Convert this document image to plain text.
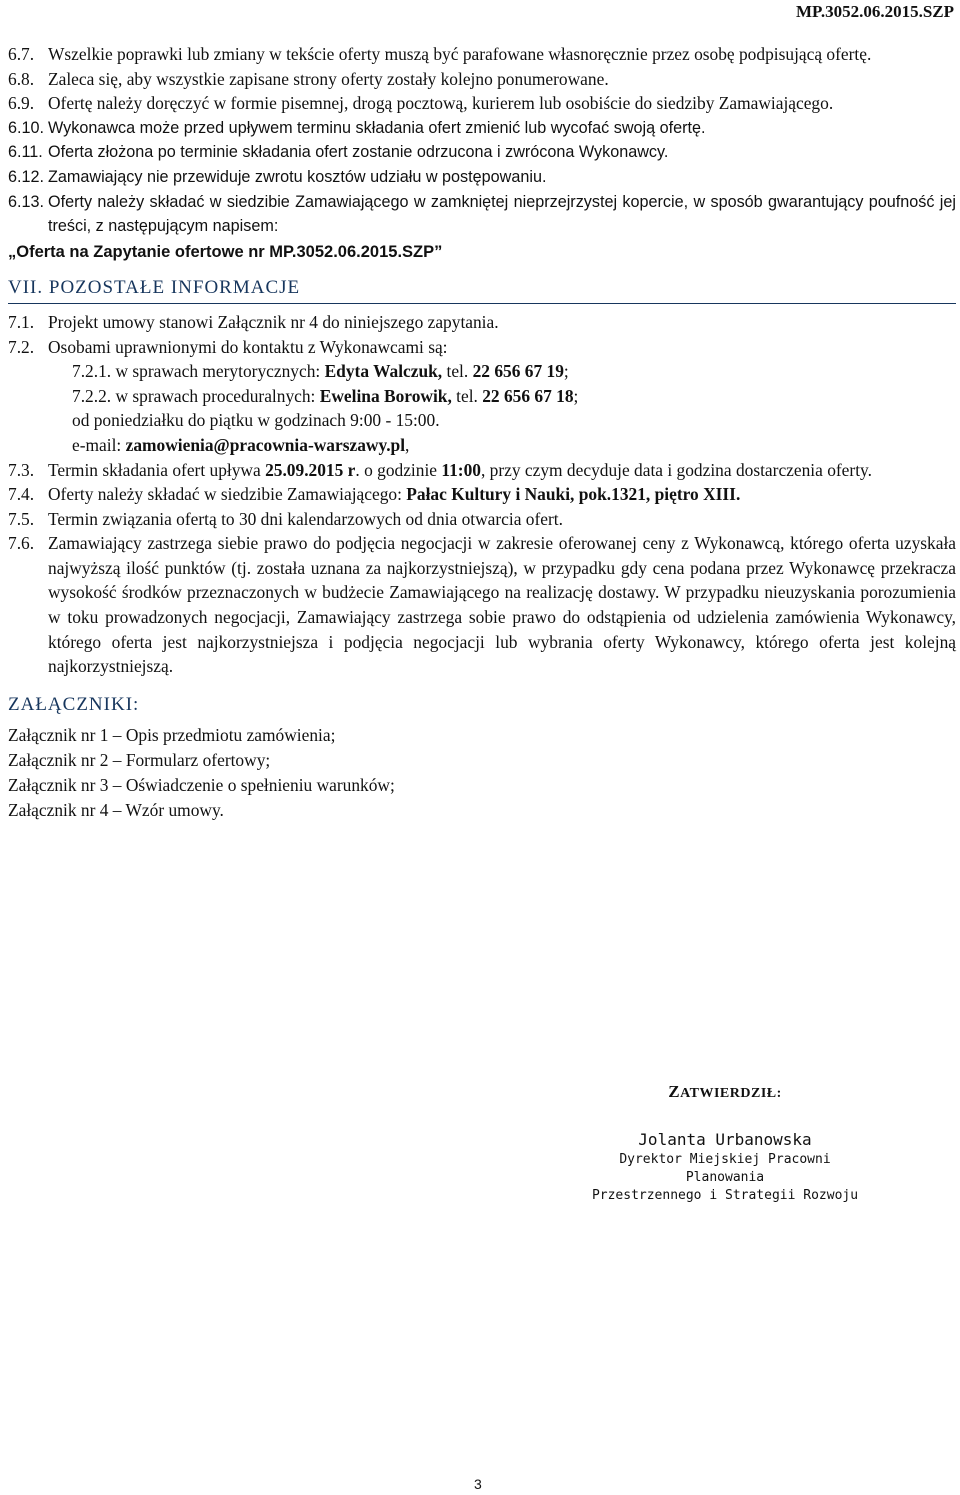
MP.3052.06.2015.SZP
6.7. Wszelkie poprawki lub zmiany w tekście oferty muszą być parafowane własnoręcznie przez osobę podpisującą ofertę.
6.8. Zaleca się, aby wszystkie zapisane strony oferty zostały kolejno ponumerowane.
6.9. Ofertę należy doręczyć w formie pisemnej, drogą pocztową, kurierem lub osobiście do siedziby Zamawiającego.
6.10. Wykonawca może przed upływem terminu składania ofert zmienić lub wycofać swoją ofertę.
6.11. Oferta złożona po terminie składania ofert zostanie odrzucona i zwrócona Wykonawcy.
6.12. Zamawiający nie przewiduje zwrotu kosztów udziału w postępowaniu.
6.13. Oferty należy składać w siedzibie Zamawiającego w zamkniętej nieprzejrzystej kopercie, w sposób gwarantujący poufność jej treści, z następującym napisem:
„Oferta na Zapytanie ofertowe nr MP.3052.06.2015.SZP”
VII. POZOSTAŁE INFORMACJE
7.1. Projekt umowy stanowi Załącznik nr 4 do niniejszego zapytania.
7.2. Osobami uprawnionymi do kontaktu z Wykonawcami są:
7.2.1. w sprawach merytorycznych: Edyta Walczuk, tel. 22 656 67 19;
7.2.2. w sprawach proceduralnych: Ewelina Borowik, tel. 22 656 67 18;
od poniedziałku do piątku w godzinach 9:00 - 15:00.
e-mail: zamowienia@pracownia-warszawy.pl,
7.3. Termin składania ofert upływa 25.09.2015 r. o godzinie 11:00, przy czym decyduje data i godzina dostarczenia oferty.
7.4. Oferty należy składać w siedzibie Zamawiającego: Pałac Kultury i Nauki, pok.1321, piętro XIII.
7.5. Termin związania ofertą to 30 dni kalendarzowych od dnia otwarcia ofert.
7.6. Zamawiający zastrzega siebie prawo do podjęcia negocjacji w zakresie oferowanej ceny z Wykonawcą, którego oferta uzyskała najwyższą ilość punktów (tj. została uznana za najkorzystniejszą), w przypadku gdy cena podana przez Wykonawcę przekracza wysokość środków przeznaczonych w budżecie Zamawiającego na realizację dostawy. W przypadku nieuzyskania porozumienia w toku prowadzonych negocjacji, Zamawiający zastrzega sobie prawo do odstąpienia od udzielenia zamówienia Wykonawcy, którego oferta jest najkorzystniejsza i podjęcia negocjacji lub wybrania oferty Wykonawcy, którego oferta jest kolejną najkorzystniejszą.
ZAŁĄCZNIKI:
Załącznik nr 1 – Opis przedmiotu zamówienia;
Załącznik nr 2 – Formularz ofertowy;
Załącznik nr 3 – Oświadczenie o spełnieniu warunków;
Załącznik nr 4 – Wzór umowy.
ZATWIERDZIŁ:
Jolanta Urbanowska
Dyrektor Miejskiej Pracowni Planowania
Przestrzennego i Strategii Rozwoju
3
